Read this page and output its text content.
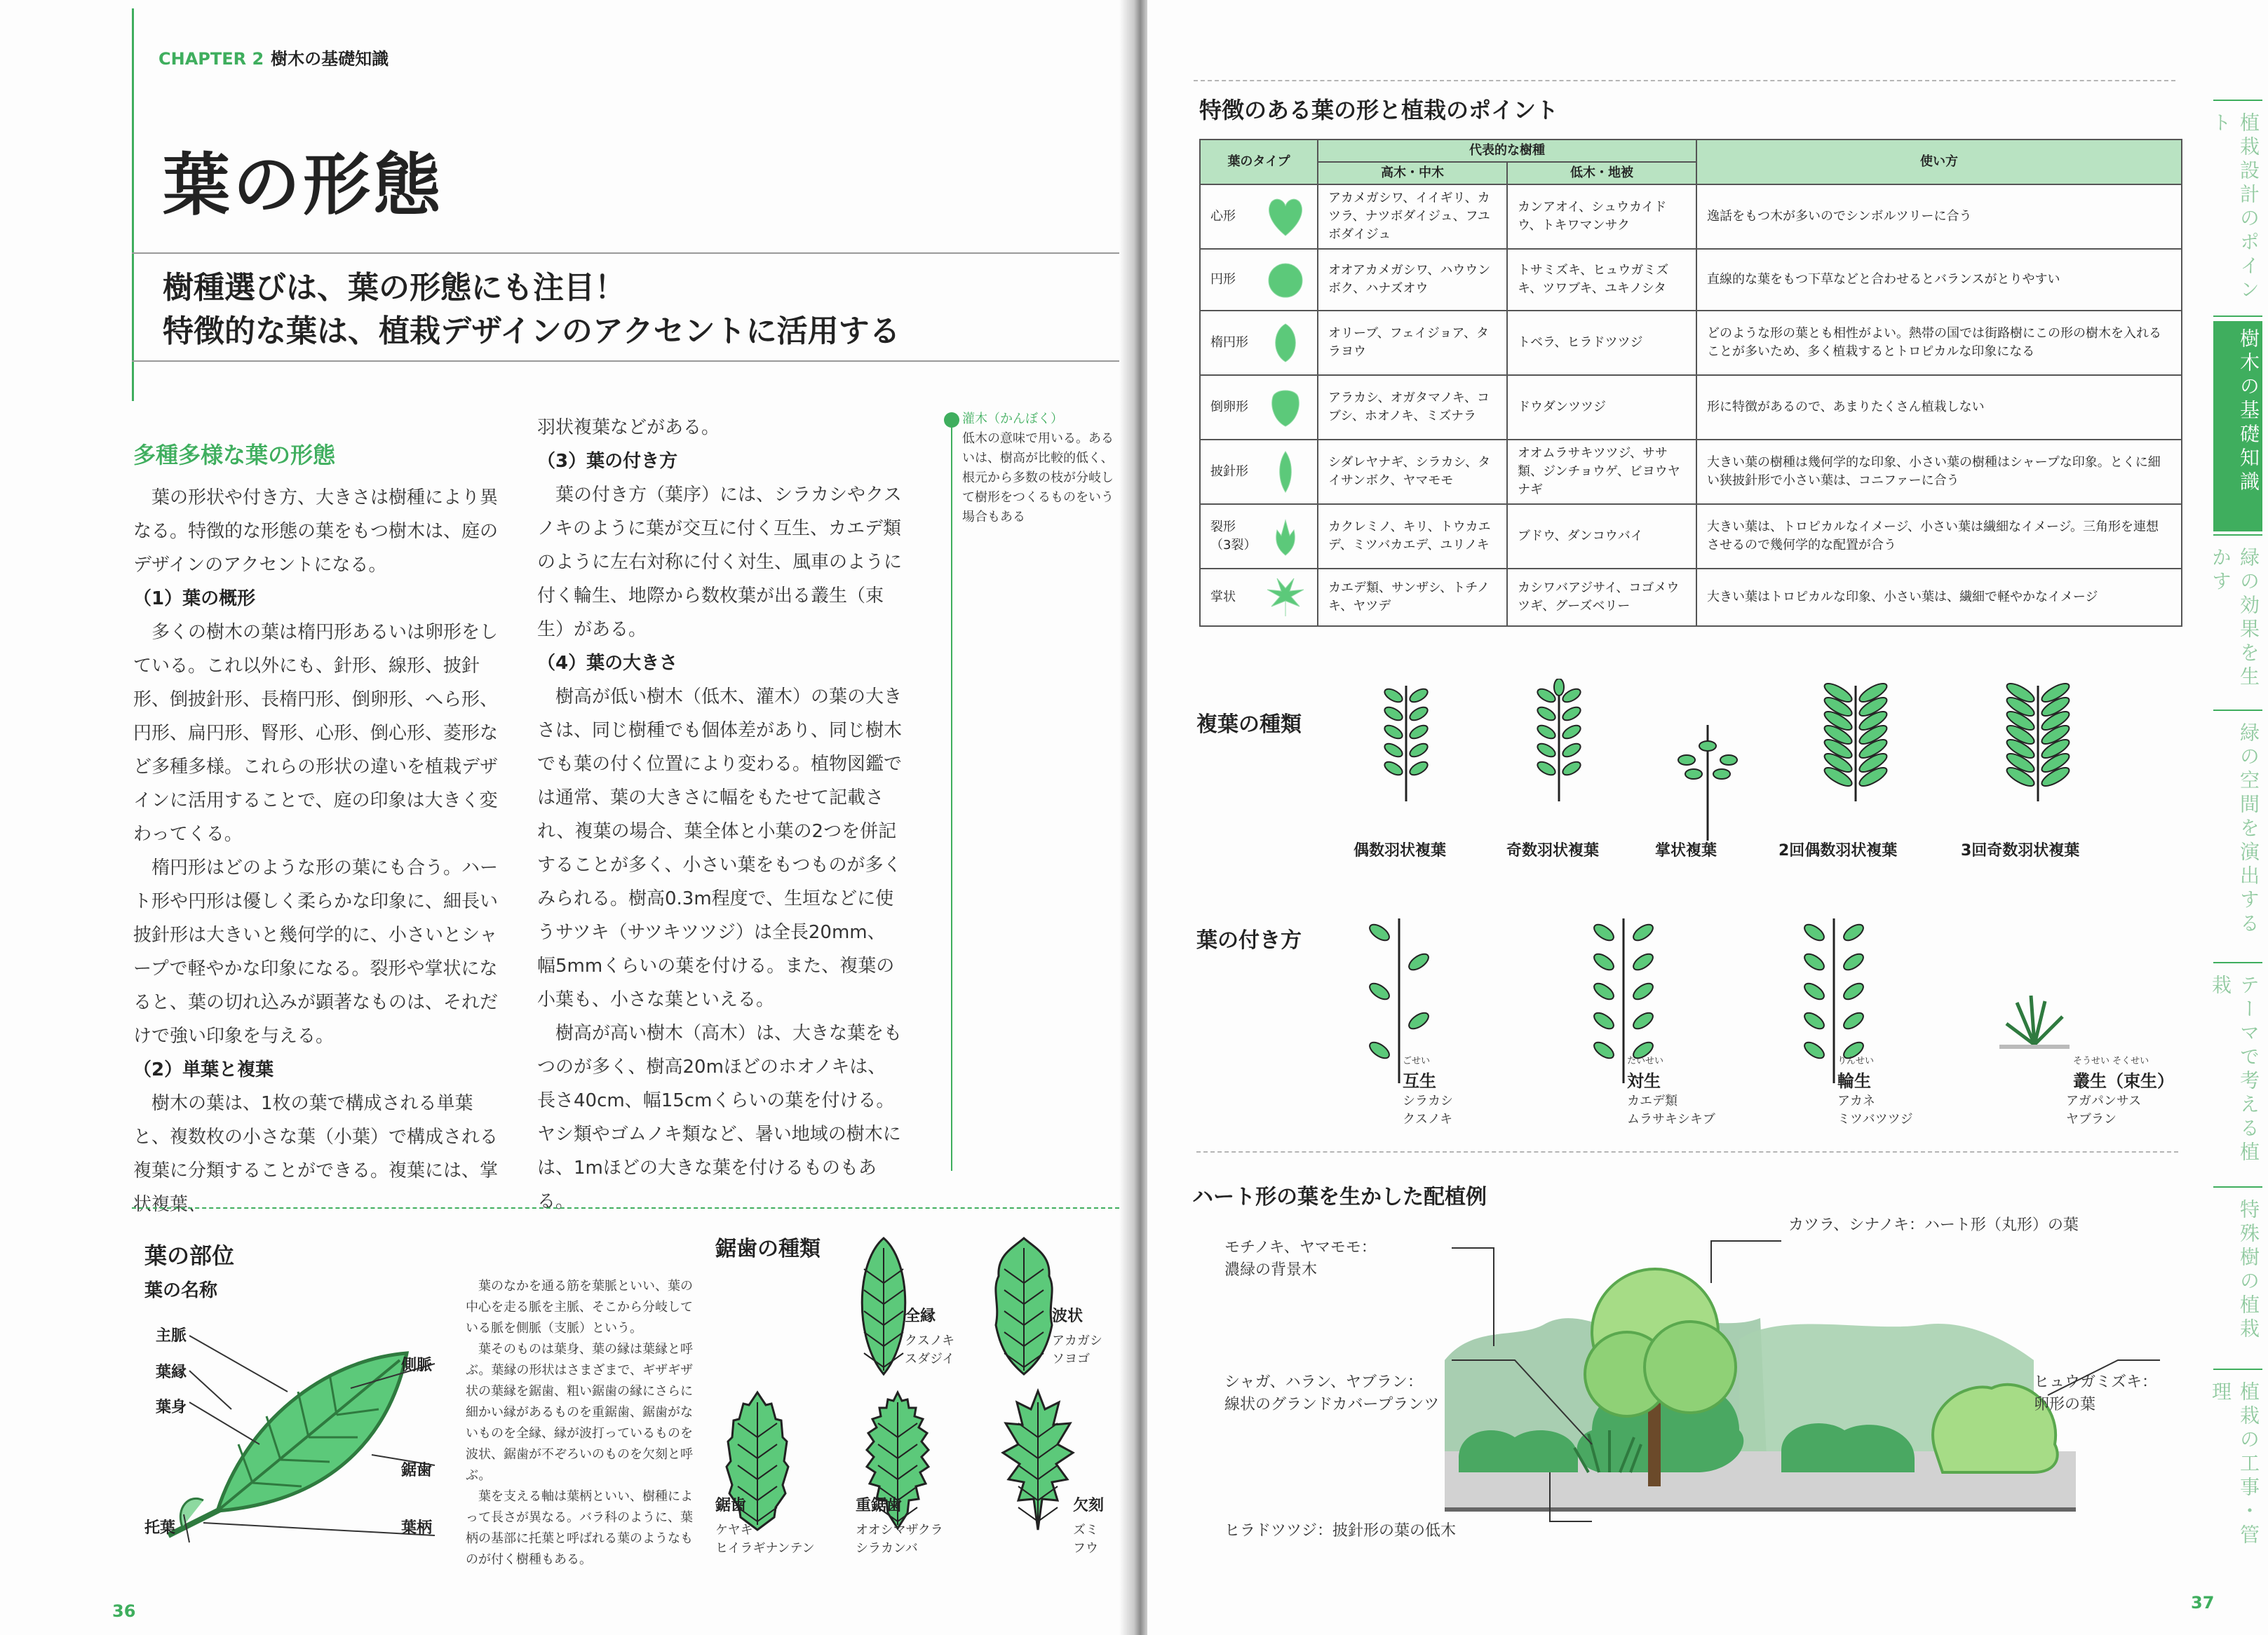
CHAPTER 2 樹木の基礎知識
葉の形態
樹種選びは、葉の形態にも注目！
特徴的な葉は、植栽デザインのアクセントに活用する
多種多様な葉の形態
　葉の形状や付き方、大きさは樹種により異なる。特徴的な形態の葉をもつ樹木は、庭のデザインのアクセントになる。
（1）葉の概形
　多くの樹木の葉は楕円形あるいは卵形をしている。これ以外にも、針形、線形、披針形、倒披針形、長楕円形、倒卵形、へら形、円形、扁円形、腎形、心形、倒心形、菱形など多種多様。これらの形状の違いを植栽デザインに活用することで、庭の印象は大きく変わってくる。
　楕円形はどのような形の葉にも合う。ハート形や円形は優しく柔らかな印象に、細長い披針形は大きいと幾何学的に、小さいとシャープで軽やかな印象になる。裂形や掌状になると、葉の切れ込みが顕著なものは、それだけで強い印象を与える。
（2）単葉と複葉
　樹木の葉は、1枚の葉で構成される単葉と、複数枚の小さな葉（小葉）で構成される複葉に分類することができる。複葉には、掌状複葉、
羽状複葉などがある。
（3）葉の付き方
　葉の付き方（葉序）には、シラカシやクスノキのように葉が交互に付く互生、カエデ類のように左右対称に付く対生、風車のように付く輪生、地際から数枚葉が出る叢生（束生）がある。
（4）葉の大きさ
　樹高が低い樹木（低木、灌木）の葉の大きさは、同じ樹種でも個体差があり、同じ樹木でも葉の付く位置により変わる。植物図鑑では通常、葉の大きさに幅をもたせて記載され、複葉の場合、葉全体と小葉の2つを併記することが多く、小さい葉をもつものが多くみられる。樹高0.3m程度で、生垣などに使うサツキ（サツキツツジ）は全長20mm、幅5mmくらいの葉を付ける。また、複葉の小葉も、小さな葉といえる。
　樹高が高い樹木（高木）は、大きな葉をもつのが多く、樹高20mほどのホオノキは、長さ40cm、幅15cmくらいの葉を付ける。ヤシ類やゴムノキ類など、暑い地域の樹木には、1mほどの大きな葉を付けるものもある。
灌木（かんぼく）
低木の意味で用いる。あるいは、樹高が比較的低く、根元から多数の枝が分岐して樹形をつくるものをいう場合もある
葉の部位
葉の名称
主脈
葉縁
葉身
托葉
側脈
鋸歯
葉柄
　葉のなかを通る筋を葉脈といい、葉の中心を走る脈を主脈、そこから分岐している脈を側脈（支脈）という。
　葉そのものは葉身、葉の縁は葉縁と呼ぶ。葉縁の形状はさまざまで、ギザギザ状の葉縁を鋸歯、粗い鋸歯の縁にさらに細かい縁があるものを重鋸歯、鋸歯がないものを全縁、縁が波打っているものを波状、鋸歯が不ぞろいのものを欠刻と呼ぶ。
　葉を支える軸は葉柄といい、樹種によって長さが異なる。バラ科のように、葉柄の基部に托葉と呼ばれる葉のようなものが付く樹種もある。
鋸歯の種類
全縁
クスノキ
スダジイ
波状
アカガシ
ソヨゴ
鋸歯
ケヤキ
ヒイラギナンテン
重鋸歯
オオシマザクラ
シラカンバ
欠刻
ズミ
フウ
36
特徴のある葉の形と植栽のポイント
葉のタイプ	代表的な樹種		使い方
	高木・中木	低木・地被	

心形	アカメガシワ、イイギリ、カツラ、ナツボダイジュ、フユボダイジュ	カンアオイ、シュウカイドウ、トキワマンサク	逸話をもつ木が多いのでシンボルツリーに合う

円形	オオアカメガシワ、ハウウンボク、ハナズオウ	トサミズキ、ヒュウガミズキ、ツワブキ、ユキノシタ	直線的な葉をもつ下草などと合わせるとバランスがとりやすい

楕円形	オリーブ、フェイジョア、タラヨウ	トベラ、ヒラドツツジ	どのような形の葉とも相性がよい。熱帯の国では街路樹にこの形の樹木を入れることが多いため、多く植栽するとトロピカルな印象になる

倒卵形	アラカシ、オガタマノキ、コブシ、ホオノキ、ミズナラ	ドウダンツツジ	形に特徴があるので、あまりたくさん植栽しない

披針形	シダレヤナギ、シラカシ、タイサンボク、ヤマモモ	オオムラサキツツジ、ササ類、ジンチョウゲ、ビヨウヤナギ	大きい葉の樹種は幾何学的な印象、小さい葉の樹種はシャープな印象。とくに細い狭披針形で小さい葉は、コニファーに合う

裂形
（3裂）	カクレミノ、キリ、トウカエデ、ミツバカエデ、ユリノキ	ブドウ、ダンコウバイ	大きい葉は、トロピカルなイメージ、小さい葉は繊細なイメージ。三角形を連想させるので幾何学的な配置が合う

掌状	カエデ類、サンザシ、トチノキ、ヤツデ	カシワバアジサイ、コゴメウツギ、グーズベリー	大きい葉はトロピカルな印象、小さい葉は、繊細で軽やかなイメージ
複葉の種類
偶数羽状複葉	奇数羽状複葉	掌状複葉	2回偶数羽状複葉	3回奇数羽状複葉
葉の付き方
ごせい
互生
シラカシ
クスノキ
たいせい
対生
カエデ類
ムラサキシキブ
りんせい
輪生
アカネ
ミツバツツジ
そうせい そくせい
叢生（束生）
アガパンサス
ヤブラン
ハート形の葉を生かした配植例
モチノキ、ヤマモモ：
濃緑の背景木
カツラ、シナノキ：ハート形（丸形）の葉
シャガ、ハラン、ヤブラン：
線状のグランドカバープランツ
ヒュウガミズキ：
卵形の葉
ヒラドツツジ：披針形の葉の低木
37
植栽設計のポイント
樹木の基礎知識
緑の効果を生かす
緑の空間を演出する
テーマで考える植栽
特殊樹の植栽
植栽の工事・管理
